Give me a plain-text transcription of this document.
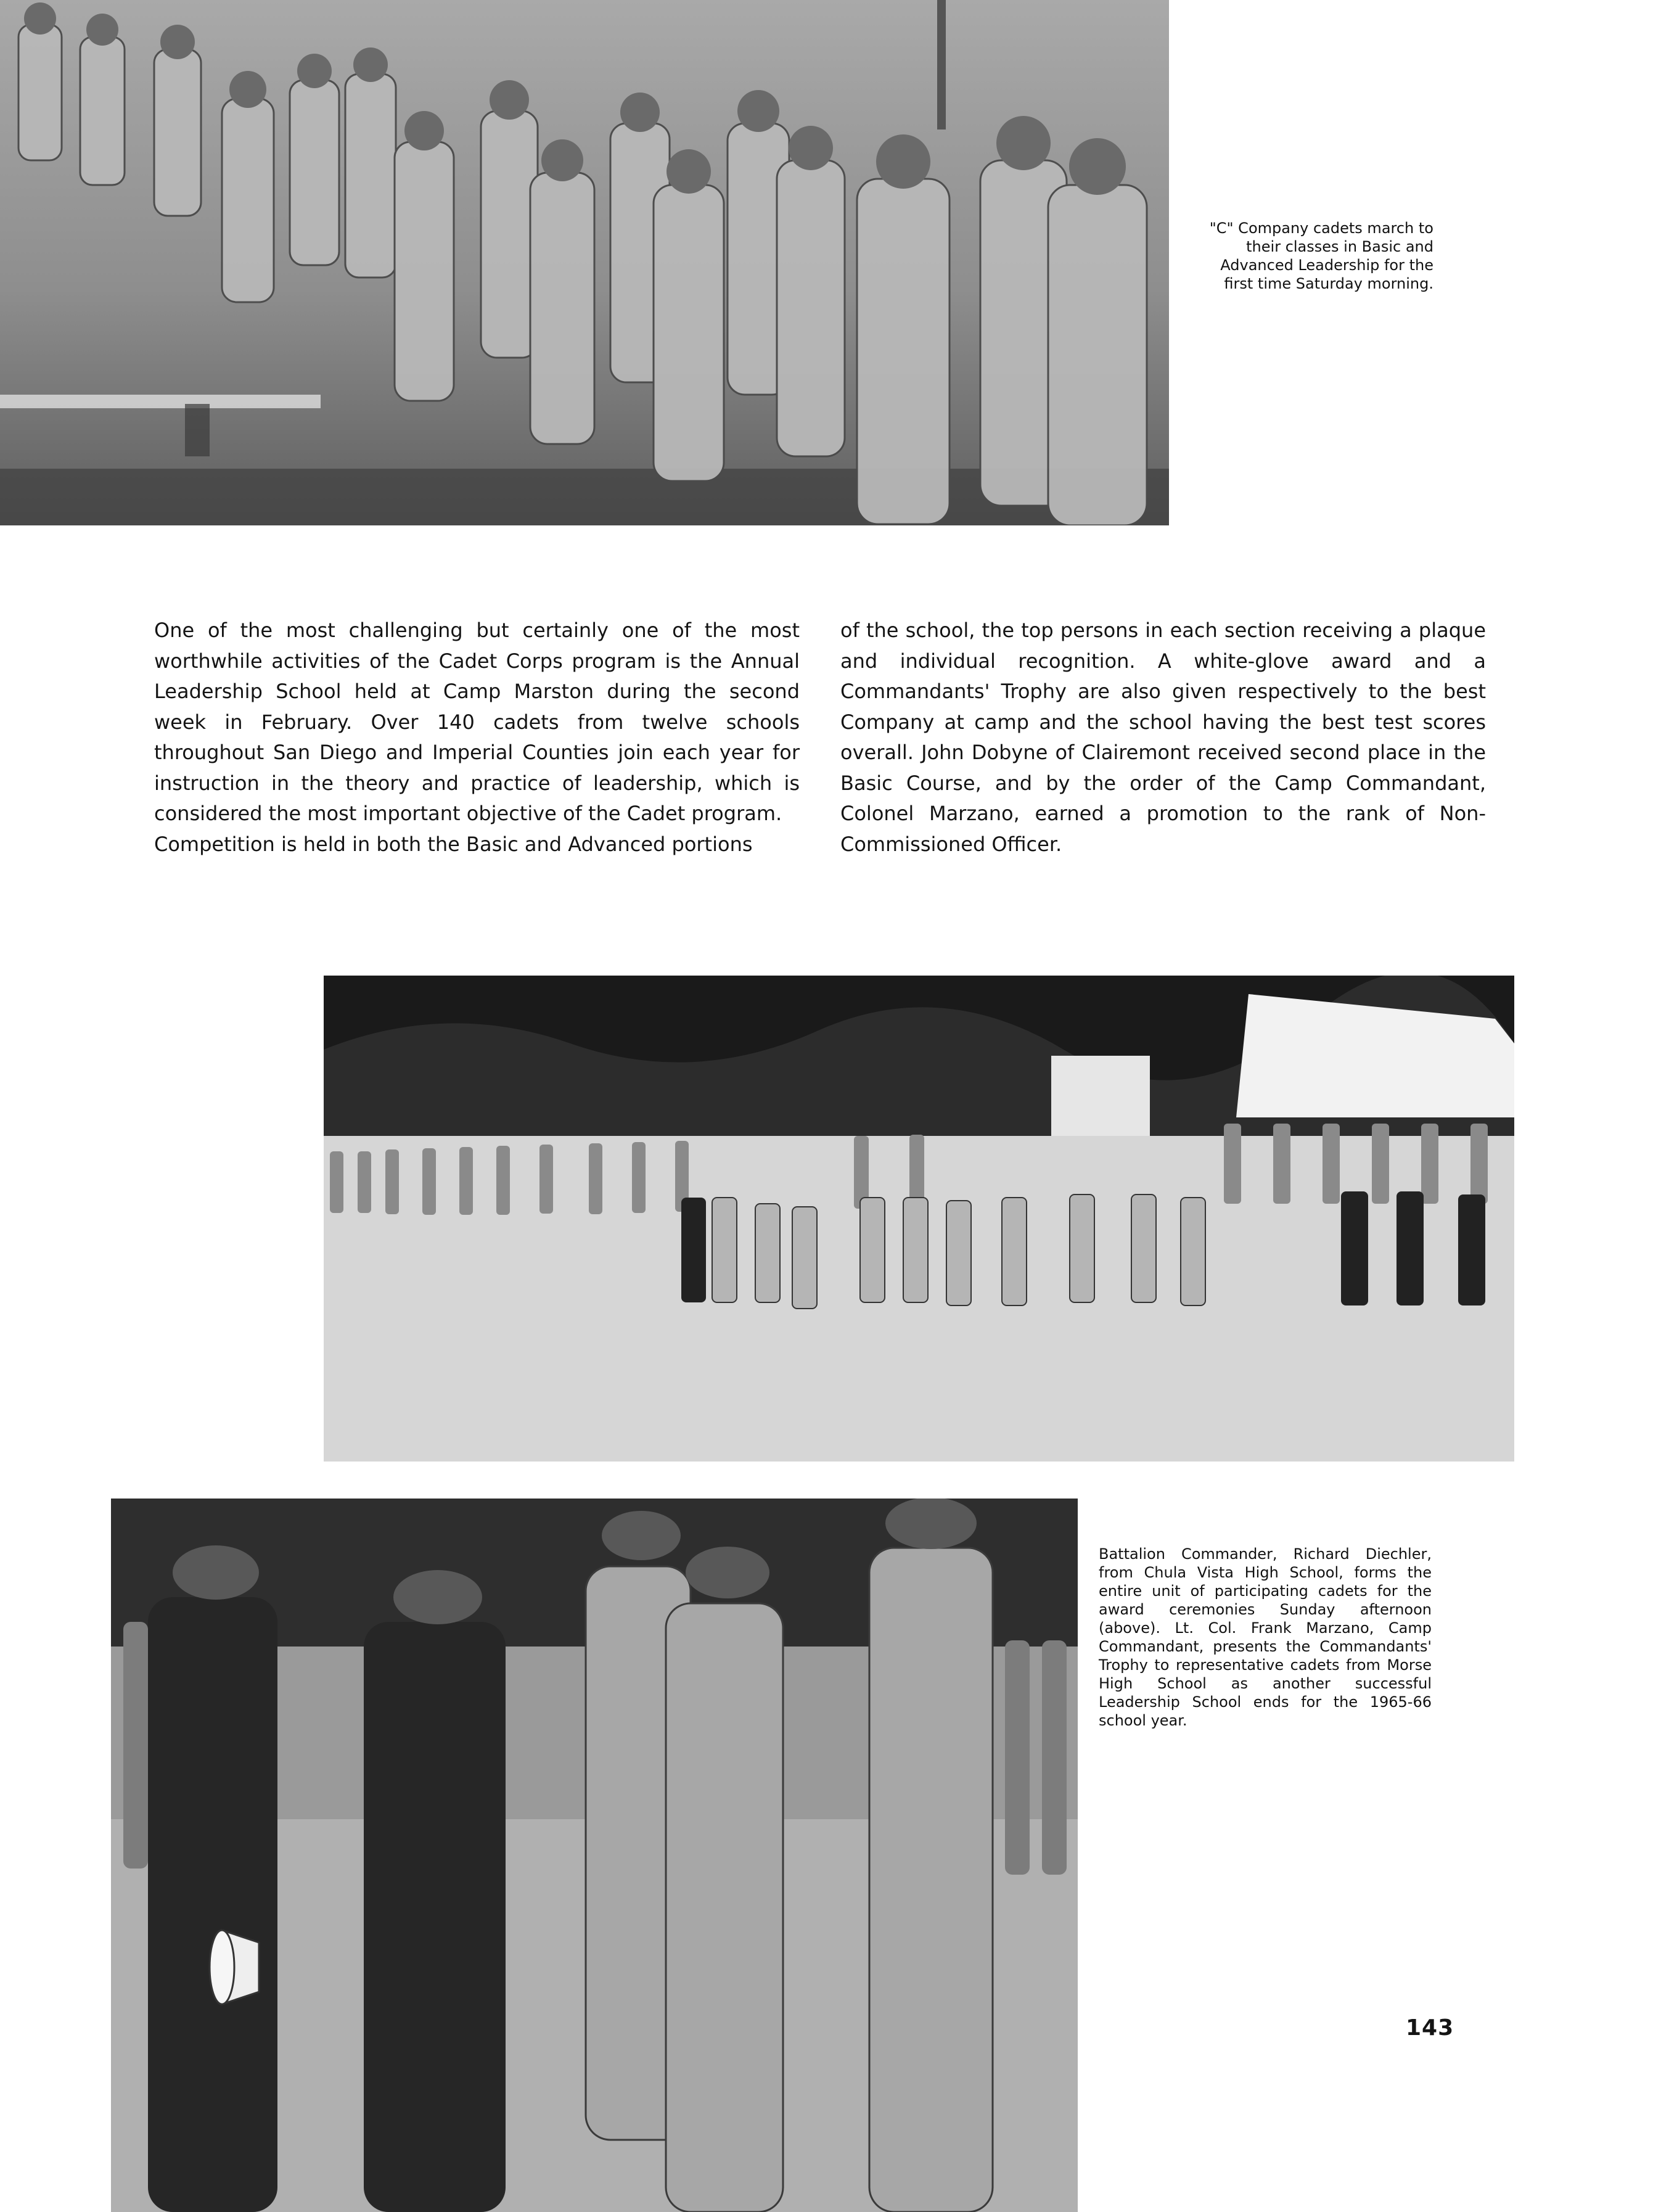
"C" Company cadets march to their classes in Basic and Advanced Leadership for the first time Saturday morning.

One of the most challenging but certainly one of the most worthwhile activities of the Cadet Corps program is the Annual Leadership School held at Camp Marston during the second week in February. Over 140 cadets from twelve schools throughout San Diego and Imperial Counties join each year for instruction in the theory and practice of leadership, which is considered the most important objective of the Cadet program.

Competition is held in both the Basic and Advanced portions

of the school, the top persons in each section receiving a plaque and individual recognition. A white-glove award and a Commandants' Trophy are also given respectively to the best Company at camp and the school having the best test scores overall. John Dobyne of Clairemont received second place in the Basic Course, and by the order of the Camp Commandant, Colonel Marzano, earned a promotion to the rank of Non-Commissioned Officer.

Battalion Commander, Richard Diechler, from Chula Vista High School, forms the entire unit of participating cadets for the award ceremonies Sunday afternoon (above). Lt. Col. Frank Marzano, Camp Commandant, presents the Commandants' Trophy to representative cadets from Morse High School as another successful Leadership School ends for the 1965-66 school year.

143
